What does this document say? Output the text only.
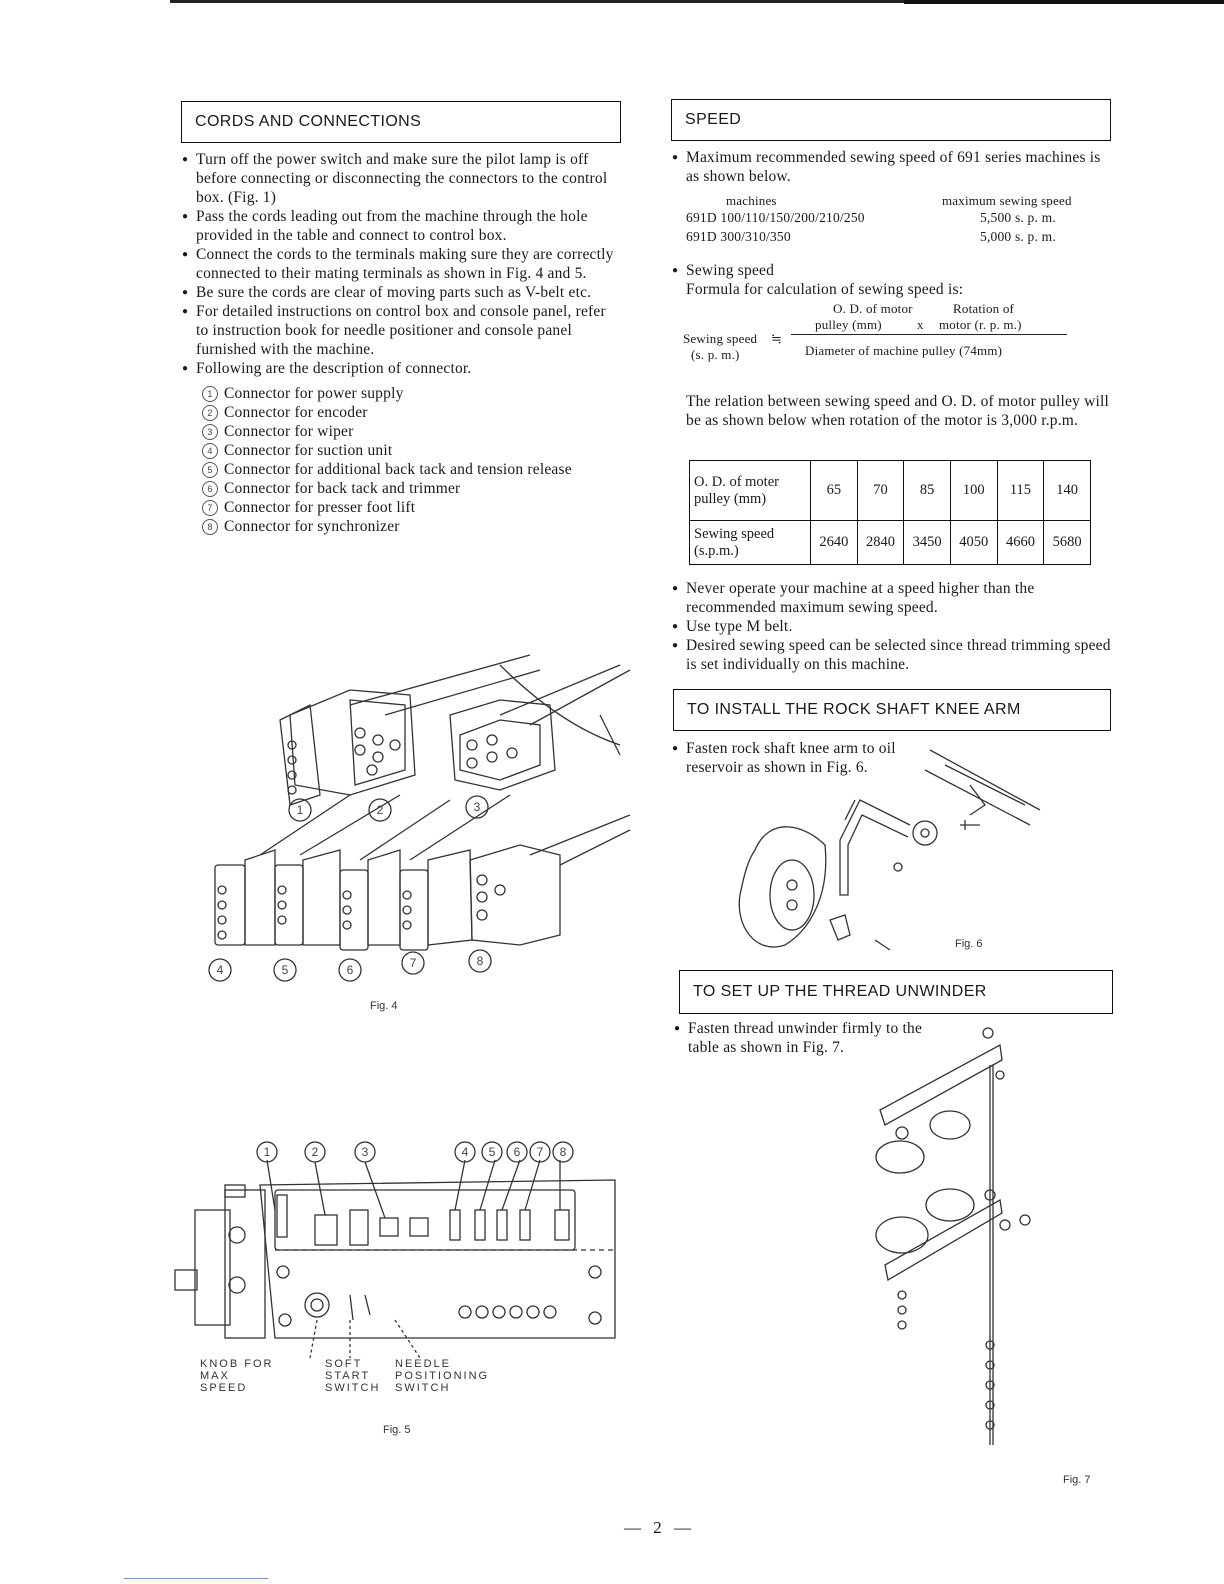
CORDS AND CONNECTIONS
● Turn off the power switch and make sure the pilot lamp is off before connecting or disconnecting the connectors to the control box. (Fig. 1)
● Pass the cords leading out from the machine through the hole provided in the table and connect to control box.
● Connect the cords to the terminals making sure they are correctly connected to their mating terminals as shown in Fig. 4 and 5.
● Be sure the cords are clear of moving parts such as V-belt etc.
● For detailed instructions on control box and console panel, refer to instruction book for needle positioner and console panel furnished with the machine.
● Following are the description of connector.
1 Connector for power supply
2 Connector for encoder
3 Connector for wiper
4 Connector for suction unit
5 Connector for additional back tack and tension release
6 Connector for back tack and trimmer
7 Connector for presser foot lift
8 Connector for synchronizer
1	2	3
4	5	6	7	8
Fig. 4
1	2	3	4 5 6 7 8
KNOB FOR MAX SPEED
SOFT START SWITCH
NEEDLE POSITIONING SWITCH
Fig. 5
SPEED
● Maximum recommended sewing speed of 691 series machines is as shown below.
machines	maximum sewing speed
691D 100/110/150/200/210/250	5,500 s. p. m.
691D 300/310/350	5,000 s. p. m.
● Sewing speed
Formula for calculation of sewing speed is:
O. D. of motor	Rotation of
pulley (mm)	x motor (r. p. m.)
Sewing speed ≒
(s. p. m.)	Diameter of machine pulley (74mm)
The relation between sewing speed and O. D. of motor pulley will be as shown below when rotation of the motor is 3,000 r.p.m.
O. D. of moter pulley (mm)	65	70	85	100	115	140
Sewing speed (s.p.m.)	2640	2840	3450	4050	4660	5680
● Never operate your machine at a speed higher than the recommended maximum sewing speed.
● Use type M belt.
● Desired sewing speed can be selected since thread trimming speed is set individually on this machine.
TO INSTALL THE ROCK SHAFT KNEE ARM
● Fasten rock shaft knee arm to oil reservoir as shown in Fig. 6.
Fig. 6
TO SET UP THE THREAD UNWINDER
● Fasten thread unwinder firmly to the table as shown in Fig. 7.
Fig. 7
— 2 —
